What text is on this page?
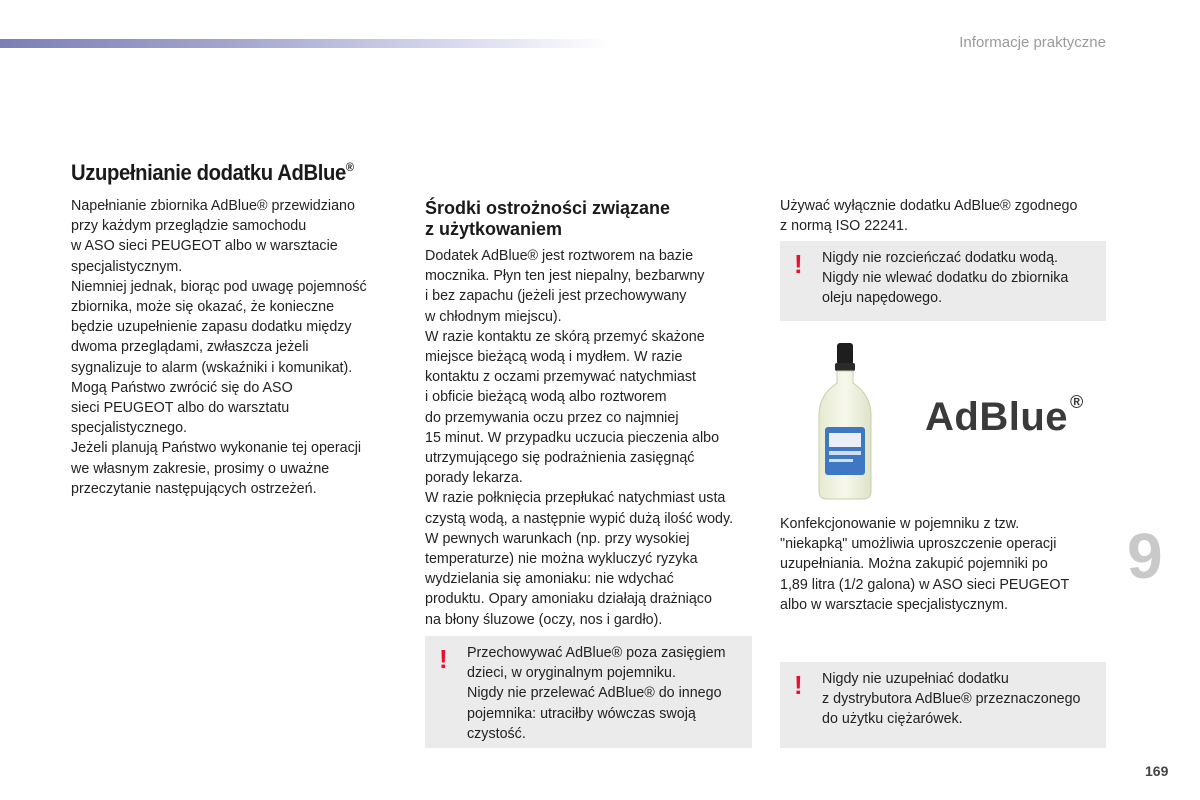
Informacje praktyczne
Uzupełnianie dodatku AdBlue®

Napełnianie zbiornika AdBlue® przewidziano

przy każdym przeglądzie samochodu

w ASO sieci PEUGEOT albo w warsztacie

specjalistycznym.

Niemniej jednak, biorąc pod uwagę pojemność

zbiornika, może się okazać, że konieczne

będzie uzupełnienie zapasu dodatku między

dwoma przeglądami, zwłaszcza jeżeli

sygnalizuje to alarm (wskaźniki i komunikat).

Mogą Państwo zwrócić się do ASO

sieci PEUGEOT albo do warsztatu

specjalistycznego.

Jeżeli planują Państwo wykonanie tej operacji

we własnym zakresie, prosimy o uważne

przeczytanie następujących ostrzeżeń.

Środki ostrożności związane
z użytkowaniem

Dodatek AdBlue® jest roztworem na bazie

mocznika. Płyn ten jest niepalny, bezbarwny

i bez zapachu (jeżeli jest przechowywany

w chłodnym miejscu).

W razie kontaktu ze skórą przemyć skażone

miejsce bieżącą wodą i mydłem. W razie

kontaktu z oczami przemywać natychmiast

i obficie bieżącą wodą albo roztworem

do przemywania oczu przez co najmniej

15 minut. W przypadku uczucia pieczenia albo

utrzymującego się podrażnienia zasięgnąć

porady lekarza.

W razie połknięcia przepłukać natychmiast usta

czystą wodą, a następnie wypić dużą ilość wody.

W pewnych warunkach (np. przy wysokiej

temperaturze) nie można wykluczyć ryzyka

wydzielania się amoniaku: nie wdychać

produktu. Opary amoniaku działają drażniąco

na błony śluzowe (oczy, nos i gardło).

! Przechowywać AdBlue® poza zasięgiem

dzieci, w oryginalnym pojemniku.

Nigdy nie przelewać AdBlue® do innego

pojemnika: utraciłby wówczas swoją

czystość.

Używać wyłącznie dodatku AdBlue® zgodnego

z normą ISO 22241.

! Nigdy nie rozcieńczać dodatku wodą.

Nigdy nie wlewać dodatku do zbiornika

oleju napędowego.

AdBlue ®

Konfekcjonowanie w pojemniku z tzw.

"niekapką" umożliwia uproszczenie operacji

uzupełniania. Można zakupić pojemniki po

1,89 litra (1/2 galona) w ASO sieci PEUGEOT

albo w warsztacie specjalistycznym.

! Nigdy nie uzupełniać dodatku

z dystrybutora AdBlue® przeznaczonego

do użytku ciężarówek.

9
169
